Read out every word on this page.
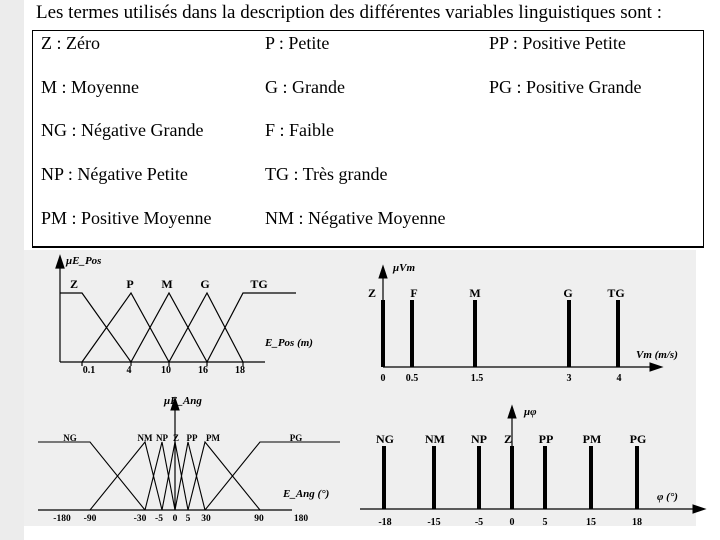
Les termes utilisés dans la description des différentes variables linguistiques sont :
Z : Zéro	P : Petite	PP : Positive Petite
M : Moyenne	G : Grande	PG : Positive Grande
NG : Négative Grande	F : Faible
NP : Négative Petite	TG : Très grande
PM : Positive Moyenne	NM : Négative Moyenne
μE_Pos
E_Pos (m)
Z	P M G	TG
0.1	4	10	16	18
μVm
Vm (m/s)
Z	F	M	G	TG
0 0.5	1.5	3	4
μE_Ang
E_Ang (°)
NG	NM NP Z PP PM	PG
-180 -90	-30 -5 0 5 30	90	180
μφ
φ (°)
NG	NM NP Z PP PM PG
-18	-15	-5	0	5	15	18
